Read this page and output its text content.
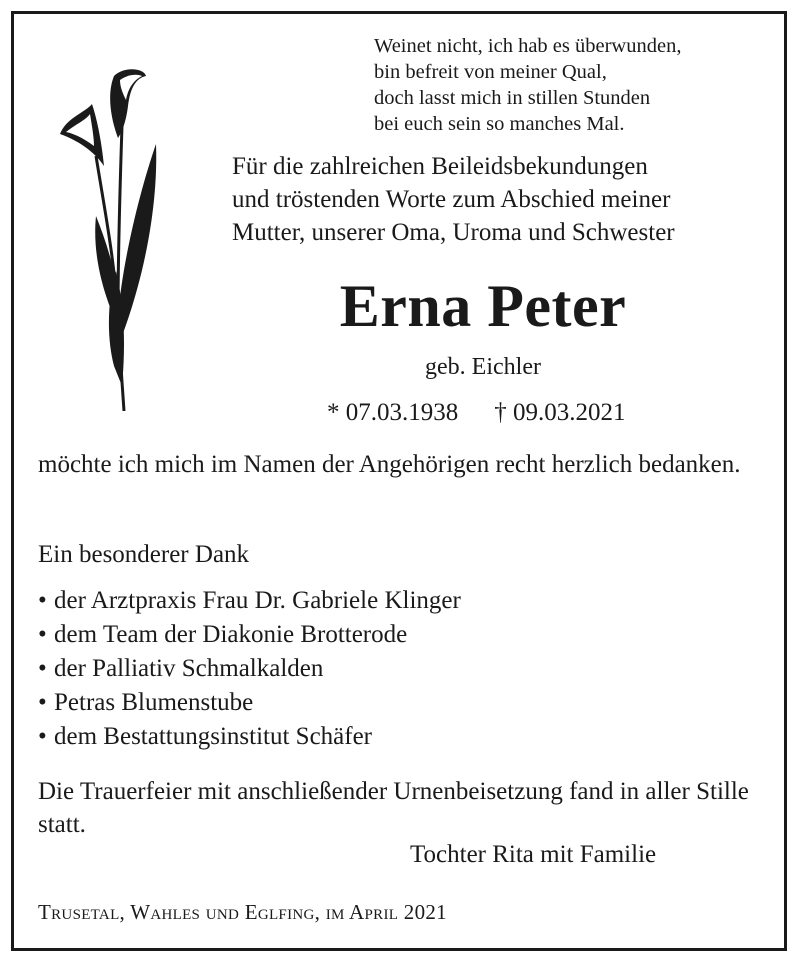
Weinet nicht, ich hab es überwunden,
bin befreit von meiner Qual,
doch lasst mich in stillen Stunden
bei euch sein so manches Mal.
Für die zahlreichen Beileidsbekundungen
und tröstenden Worte zum Abschied meiner
Mutter, unserer Oma, Uroma und Schwester
Erna Peter
geb. Eichler
* 07.03.1938 † 09.03.2021
möchte ich mich im Namen der Angehörigen recht herzlich bedanken.
Ein besonderer Dank
• der Arztpraxis Frau Dr. Gabriele Klinger
• dem Team der Diakonie Brotterode
• der Palliativ Schmalkalden
• Petras Blumenstube
• dem Bestattungsinstitut Schäfer
Die Trauerfeier mit anschließender Urnenbeisetzung fand in aller Stille statt.
Tochter Rita mit Familie
Trusetal, Wahles und Eglfing, im April 2021
